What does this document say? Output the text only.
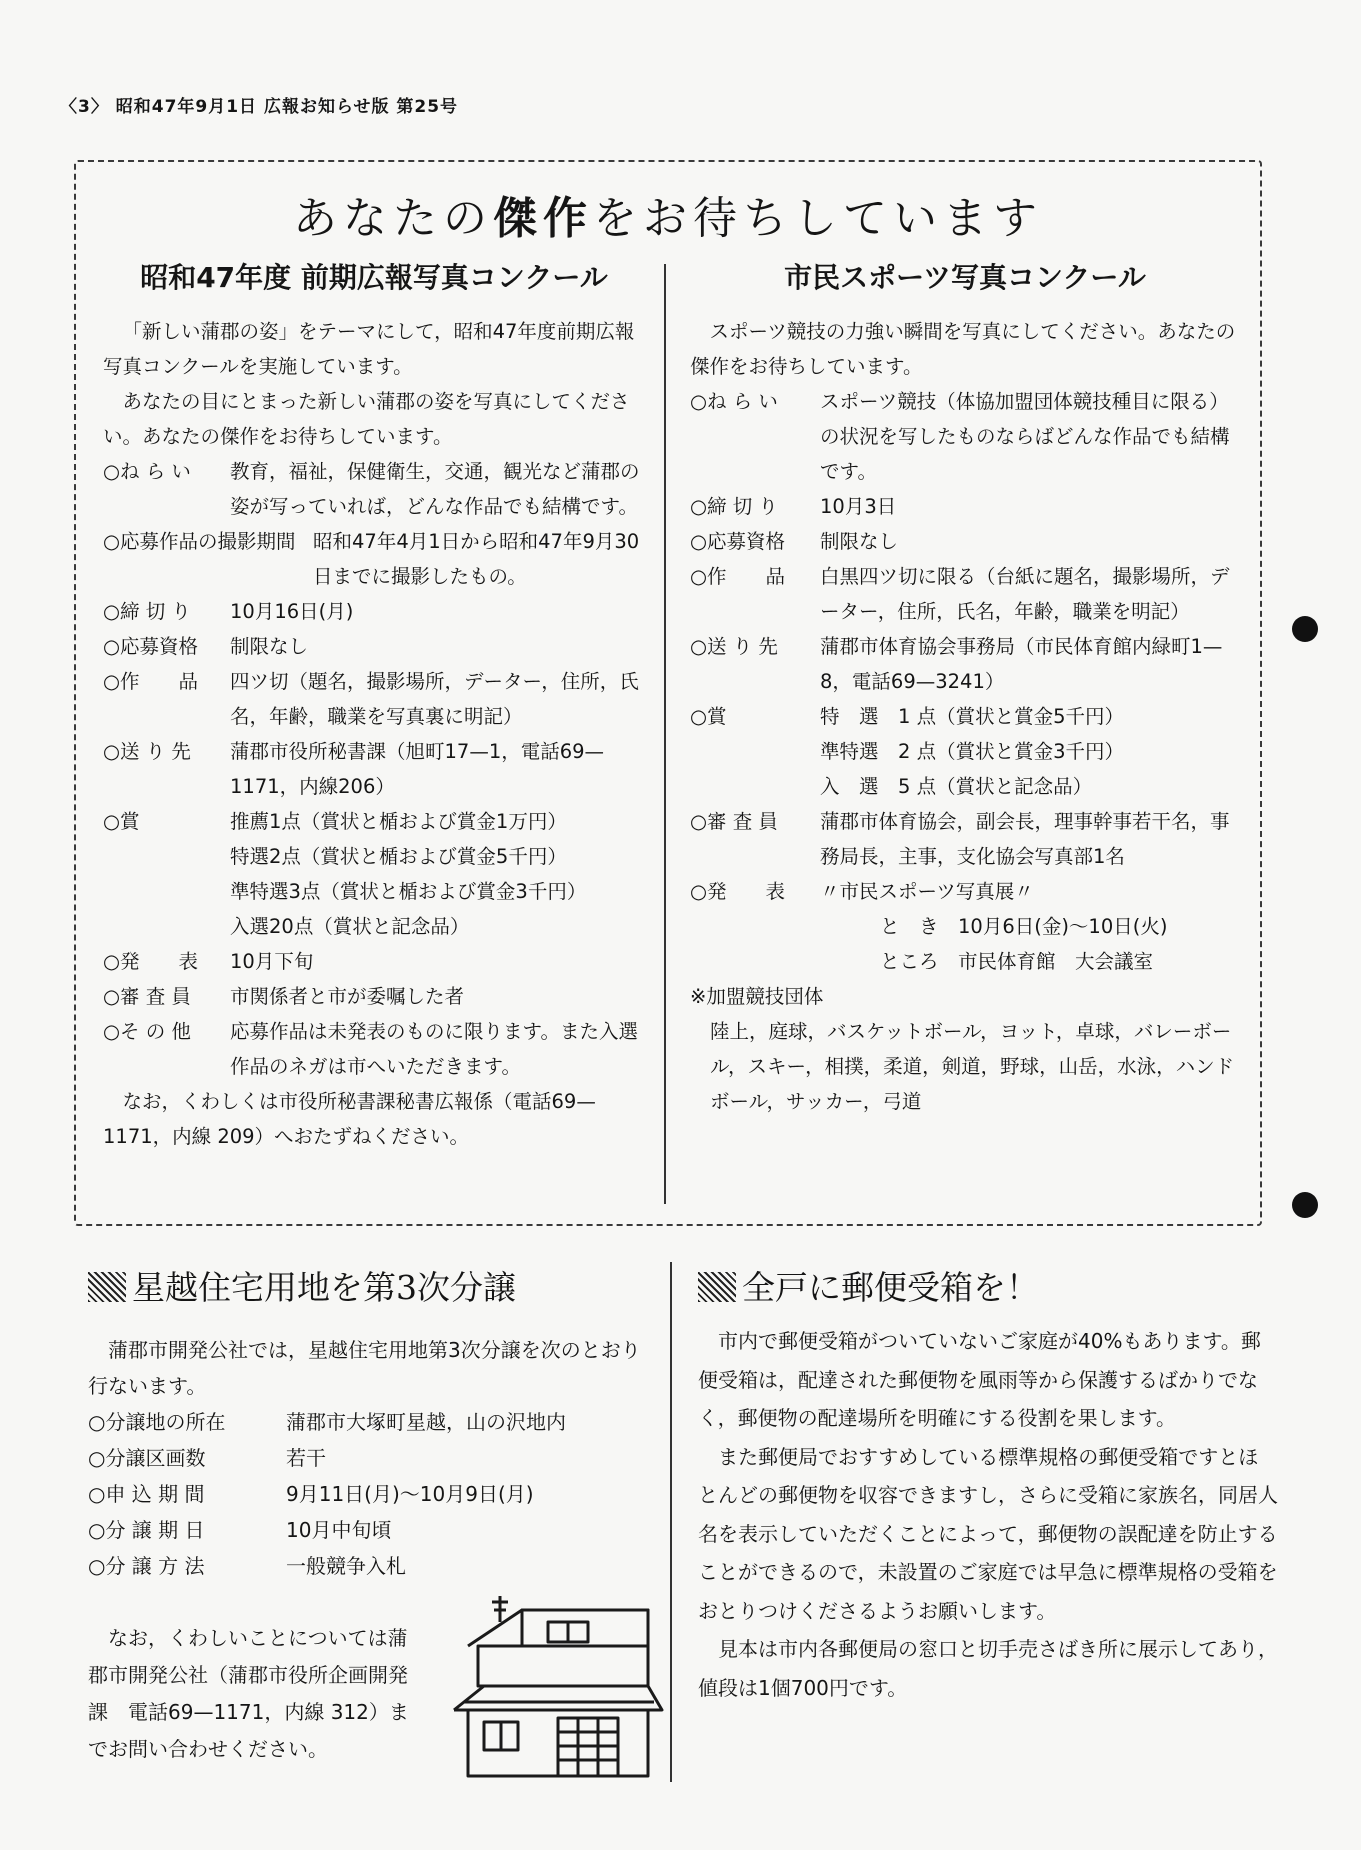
〈3〉 昭和47年9月1日 広報お知らせ版 第25号
あなたの傑作をお待ちしています
昭和47年度 前期広報写真コンクール

「新しい蒲郡の姿」をテーマにして，昭和47年度前期広報写真コンクールを実施しています。

あなたの目にとまった新しい蒲郡の姿を写真にしてください。あなたの傑作をお待ちしています。

○ね ら い	教育，福祉，保健衛生，交通，観光など蒲郡の姿が写っていれば，どんな作品でも結構です。
○応募作品の撮影期間 昭和47年4月1日から昭和47年9月30日までに撮影したもの。
○締 切 り	10月16日(月)
○応募資格	制限なし
○作　　品	四ツ切（題名，撮影場所，データー，住所，氏名，年齢，職業を写真裏に明記）
○送 り 先	蒲郡市役所秘書課（旭町17—1，電話69—1171，内線206）
○賞	推薦1点（賞状と楯および賞金1万円）
特選2点（賞状と楯および賞金5千円）
準特選3点（賞状と楯および賞金3千円）
入選20点（賞状と記念品）
○発　　表	10月下旬
○審 査 員	市関係者と市が委嘱した者
○そ の 他	応募作品は未発表のものに限ります。また入選作品のネガは市へいただきます。

なお，くわしくは市役所秘書課秘書広報係（電話69—1171，内線 209）へおたずねください。

市民スポーツ写真コンクール

スポーツ競技の力強い瞬間を写真にしてください。あなたの傑作をお待ちしています。

○ね ら い	スポーツ競技（体協加盟団体競技種目に限る）の状況を写したものならばどんな作品でも結構です。
○締 切 り	10月3日
○応募資格	制限なし
○作　　品	白黒四ツ切に限る（台紙に題名，撮影場所，データー，住所，氏名，年齢，職業を明記）
○送 り 先	蒲郡市体育協会事務局（市民体育館内緑町1—8，電話69—3241）
○賞	特　選　1 点（賞状と賞金5千円）
準特選　2 点（賞状と賞金3千円）
入　選　5 点（賞状と記念品）
○審 査 員	蒲郡市体育協会，副会長，理事幹事若干名，事務局長，主事，支化協会写真部1名
○発　　表	〃市民スポーツ写真展〃
と　き　10月6日(金)〜10日(火)
ところ　市民体育館　大会議室
※加盟競技団体
陸上，庭球，バスケットボール，ヨット，卓球，バレーボール，スキー，相撲，柔道，剣道，野球，山岳，水泳，ハンドボール，サッカー，弓道
星越住宅用地を第3次分譲

蒲郡市開発公社では，星越住宅用地第3次分譲を次のとおり行ないます。

○分譲地の所在	蒲郡市大塚町星越，山の沢地内
○分譲区画数	若干
○申 込 期 間	9月11日(月)〜10月9日(月)
○分 譲 期 日	10月中旬頃
○分 譲 方 法	一般競争入札

なお，くわしいことについては蒲郡市開発公社（蒲郡市役所企画開発課　電話69—1171，内線 312）までお問い合わせください。

全戸に郵便受箱を！

市内で郵便受箱がついていないご家庭が40%もあります。郵便受箱は，配達された郵便物を風雨等から保護するばかりでなく，郵便物の配達場所を明確にする役割を果します。

また郵便局でおすすめしている標準規格の郵便受箱ですとほとんどの郵便物を収容できますし，さらに受箱に家族名，同居人名を表示していただくことによって，郵便物の誤配達を防止することができるので，未設置のご家庭では早急に標準規格の受箱をおとりつけくださるようお願いします。

見本は市内各郵便局の窓口と切手売さばき所に展示してあり，値段は1個700円です。
